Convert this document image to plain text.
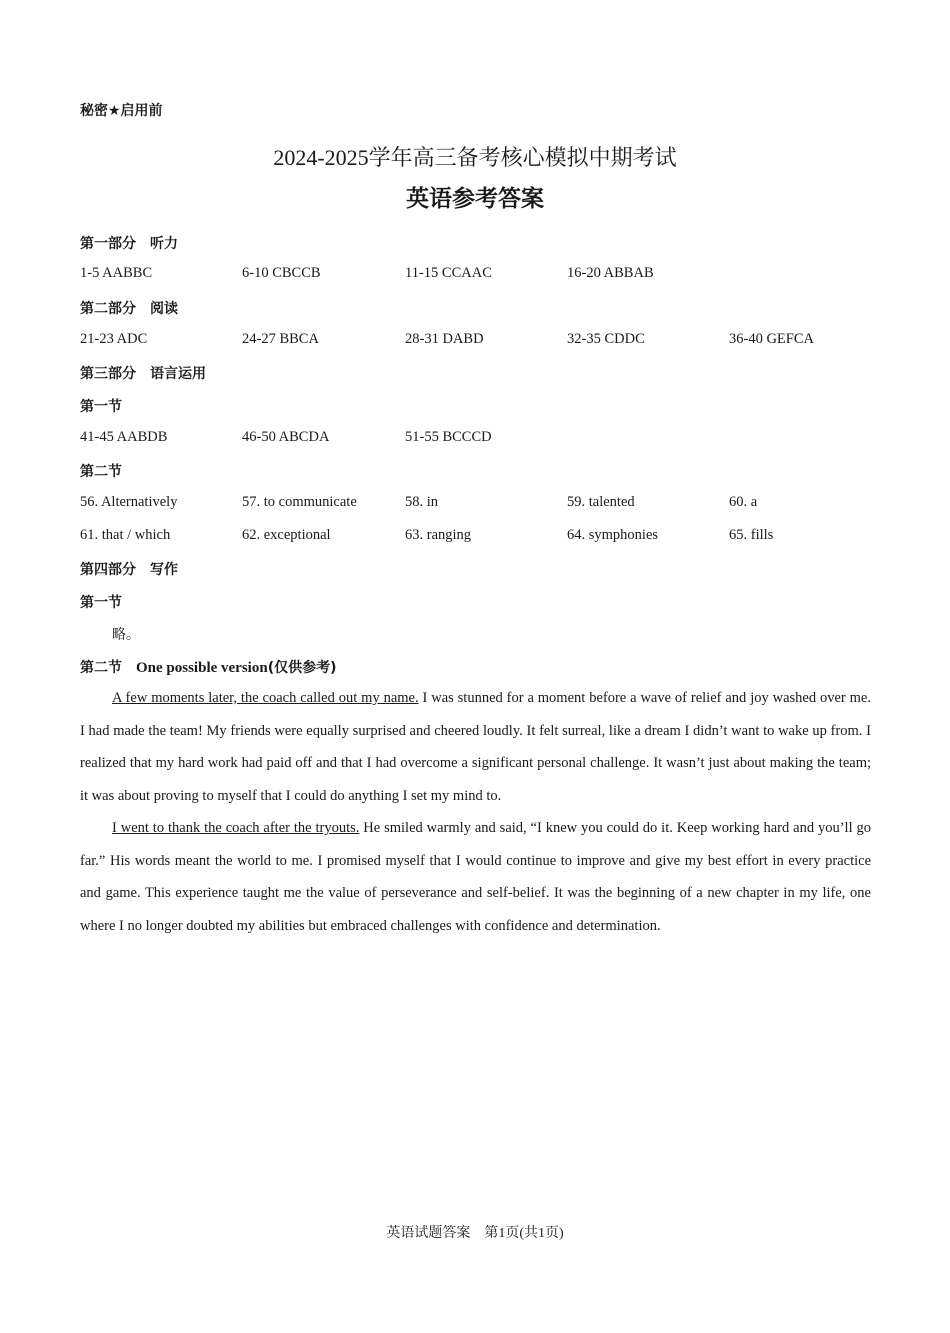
秘密★启用前
2024-2025学年高三备考核心模拟中期考试
英语参考答案
第一部分　听力
1-5 AABBC	6-10 CBCCB	11-15 CCAAC	16-20 ABBAB
第二部分　阅读
21-23 ADC	24-27 BBCA	28-31 DABD	32-35 CDDC	36-40 GEFCA
第三部分　语言运用
第一节
41-45 AABDB	46-50 ABCDA	51-55 BCCCD
第二节
56. Alternatively	57. to communicate	58. in	59. talented	60. a
61. that / which	62. exceptional	63. ranging	64. symphonies	65. fills
第四部分　写作
第一节
略。
第二节 One possible version(仅供参考)

A few moments later, the coach called out my name. I was stunned for a moment before a wave of relief and joy washed over me. I had made the team! My friends were equally surprised and cheered loudly. It felt surreal, like a dream I didn’t want to wake up from. I realized that my hard work had paid off and that I had overcome a significant personal challenge. It wasn’t just about making the team; it was about proving to myself that I could do anything I set my mind to.

I went to thank the coach after the tryouts. He smiled warmly and said, “I knew you could do it. Keep working hard and you’ll go far.” His words meant the world to me. I promised myself that I would continue to improve and give my best effort in every practice and game. This experience taught me the value of perseverance and self-belief. It was the beginning of a new chapter in my life, one where I no longer doubted my abilities but embraced challenges with confidence and determination.

英语试题答案　第1页(共1页)
